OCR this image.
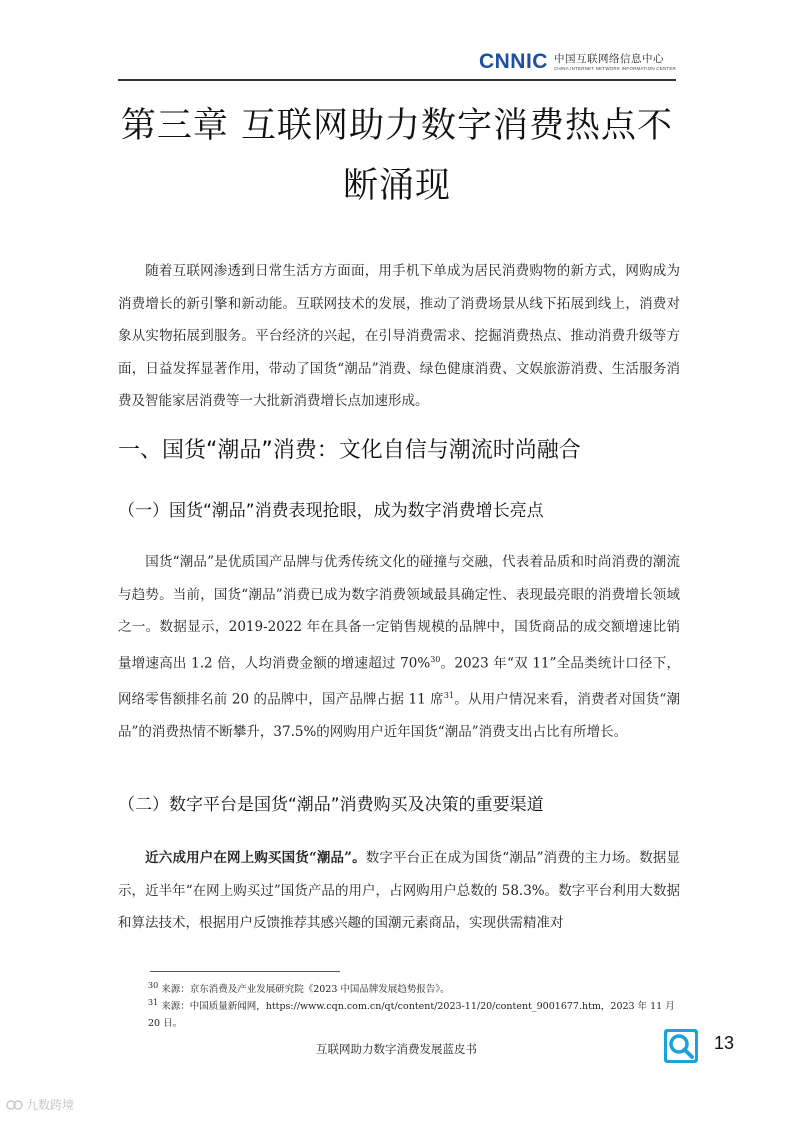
CNNIC 中国互联网络信息中心
CHINA INTERNET NETWORK INFORMATION CENTER
第三章 互联网助力数字消费热点不
断涌现

随着互联网渗透到日常生活方方面面，用手机下单成为居民消费购物的新方式，网购成为消费增长的新引擎和新动能。互联网技术的发展，推动了消费场景从线下拓展到线上，消费对象从实物拓展到服务。平台经济的兴起，在引导消费需求、挖掘消费热点、推动消费升级等方面，日益发挥显著作用，带动了国货“潮品”消费、绿色健康消费、文娱旅游消费、生活服务消费及智能家居消费等一大批新消费增长点加速形成。

一、国货“潮品”消费：文化自信与潮流时尚融合
（一）国货“潮品”消费表现抢眼，成为数字消费增长亮点

国货“潮品”是优质国产品牌与优秀传统文化的碰撞与交融，代表着品质和时尚消费的潮流与趋势。当前，国货“潮品”消费已成为数字消费领域最具确定性、表现最亮眼的消费增长领域之一。数据显示，2019-2022 年在具备一定销售规模的品牌中，国货商品的成交额增速比销量增速高出 1.2 倍，人均消费金额的增速超过 70%$^{30}$。2023 年“双 11”全品类统计口径下，网络零售额排名前 20 的品牌中，国产品牌占据 11 席$^{31}$。从用户情况来看，消费者对国货“潮品”的消费热情不断攀升，37.5%的网购用户近年国货“潮品”消费支出占比有所增长。

（二）数字平台是国货“潮品”消费购买及决策的重要渠道

近六成用户在网上购买国货“潮品”。数字平台正在成为国货“潮品”消费的主力场。数据显示，近半年“在网上购买过”国货产品的用户，占网购用户总数的 58.3%。数字平台利用大数据和算法技术，根据用户反馈推荐其感兴趣的国潮元素商品，实现供需精准对

$^{30}$ 来源：京东消费及产业发展研究院《2023 中国品牌发展趋势报告》。

$^{31}$ 来源：中国质量新闻网，https://www.cqn.com.cn/qt/content/2023-11/20/content_9001677.htm，2023 年 11 月 20 日。

互联网助力数字消费发展蓝皮书	13
九数跨境
